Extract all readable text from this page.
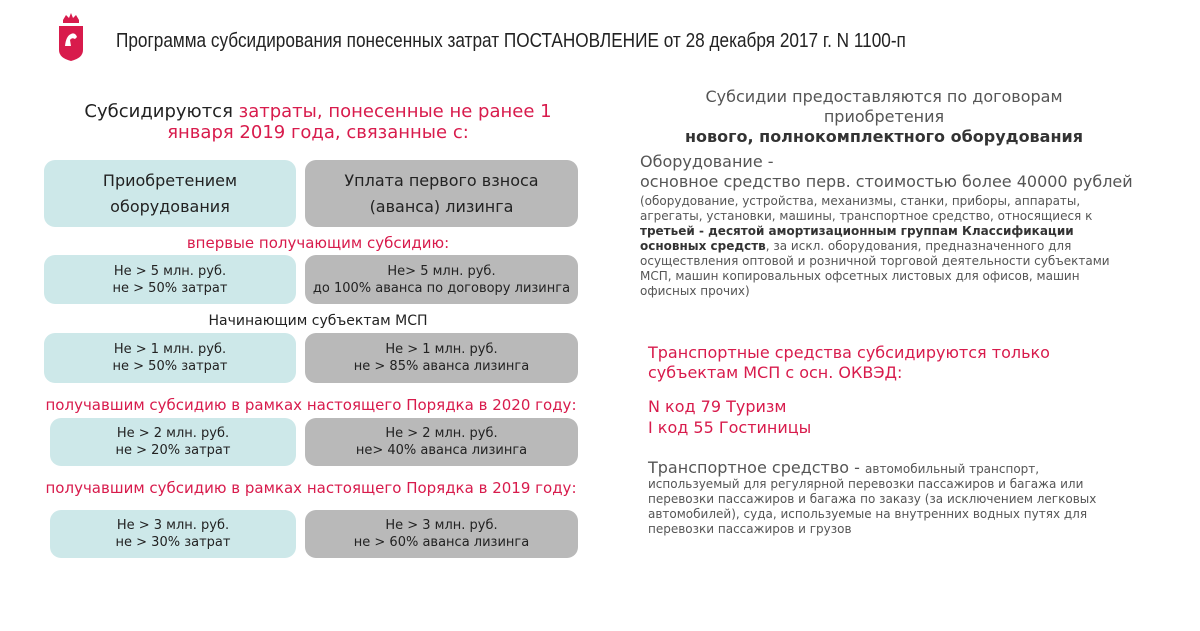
Программа субсидирования понесенных затрат ПОСТАНОВЛЕНИЕ от 28 декабря 2017 г. N 1100-п
Субсидируются затраты, понесенные не ранее 1 января 2019 года, связанные с:
Приобретением
оборудования
Уплата первого взноса
(аванса) лизинга
впервые получающим субсидию:
Не > 5 млн. руб.
не > 50% затрат
Не> 5 млн. руб.
до 100% аванса по договору лизинга
Начинающим субъектам МСП
Не > 1 млн. руб.
не > 50% затрат
Не > 1 млн. руб.
не > 85% аванса лизинга
получавшим субсидию в рамках настоящего Порядка в 2020 году:
Не > 2 млн. руб.
не > 20% затрат
Не > 2 млн. руб.
не> 40% аванса лизинга
получавшим субсидию в рамках настоящего Порядка в 2019 году:
Не > 3 млн. руб.
не > 30% затрат
Не > 3 млн. руб.
не > 60% аванса лизинга
Субсидии предоставляются по договорам приобретения
нового, полнокомплектного оборудования
Оборудование -
основное средство перв. стоимостью более 40000 рублей
(оборудование, устройства, механизмы, станки, приборы, аппараты, агрегаты, установки, машины, транспортное средство, относящиеся к третьей - десятой амортизационным группам Классификации основных средств, за искл. оборудования, предназначенного для осуществления оптовой и розничной торговой деятельности субъектами МСП, машин копировальных офсетных листовых для офисов, машин офисных прочих)
Транспортные средства субсидируются только
субъектам МСП с осн. ОКВЭД:
N код 79 Туризм
I код 55 Гостиницы
Транспортное средство - автомобильный транспорт, используемый для регулярной перевозки пассажиров и багажа или перевозки пассажиров и багажа по заказу (за исключением легковых автомобилей), суда, используемые на внутренних водных путях для перевозки пассажиров и грузов
